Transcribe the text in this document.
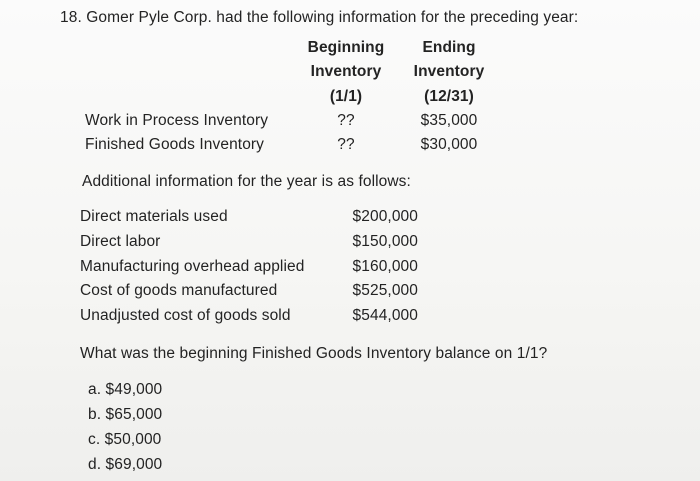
18. Gomer Pyle Corp. had the following information for the preceding year:
Beginning
Inventory
(1/1)
Ending
Inventory
(12/31)
Work in Process Inventory	??	$35,000
Finished Goods Inventory	??	$30,000
Additional information for the year is as follows:
Direct materials used	$200,000
Direct labor	$150,000
Manufacturing overhead applied	$160,000
Cost of goods manufactured	$525,000
Unadjusted cost of goods sold	$544,000
What was the beginning Finished Goods Inventory balance on 1/1?
a. $49,000
b. $65,000
c. $50,000
d. $69,000
